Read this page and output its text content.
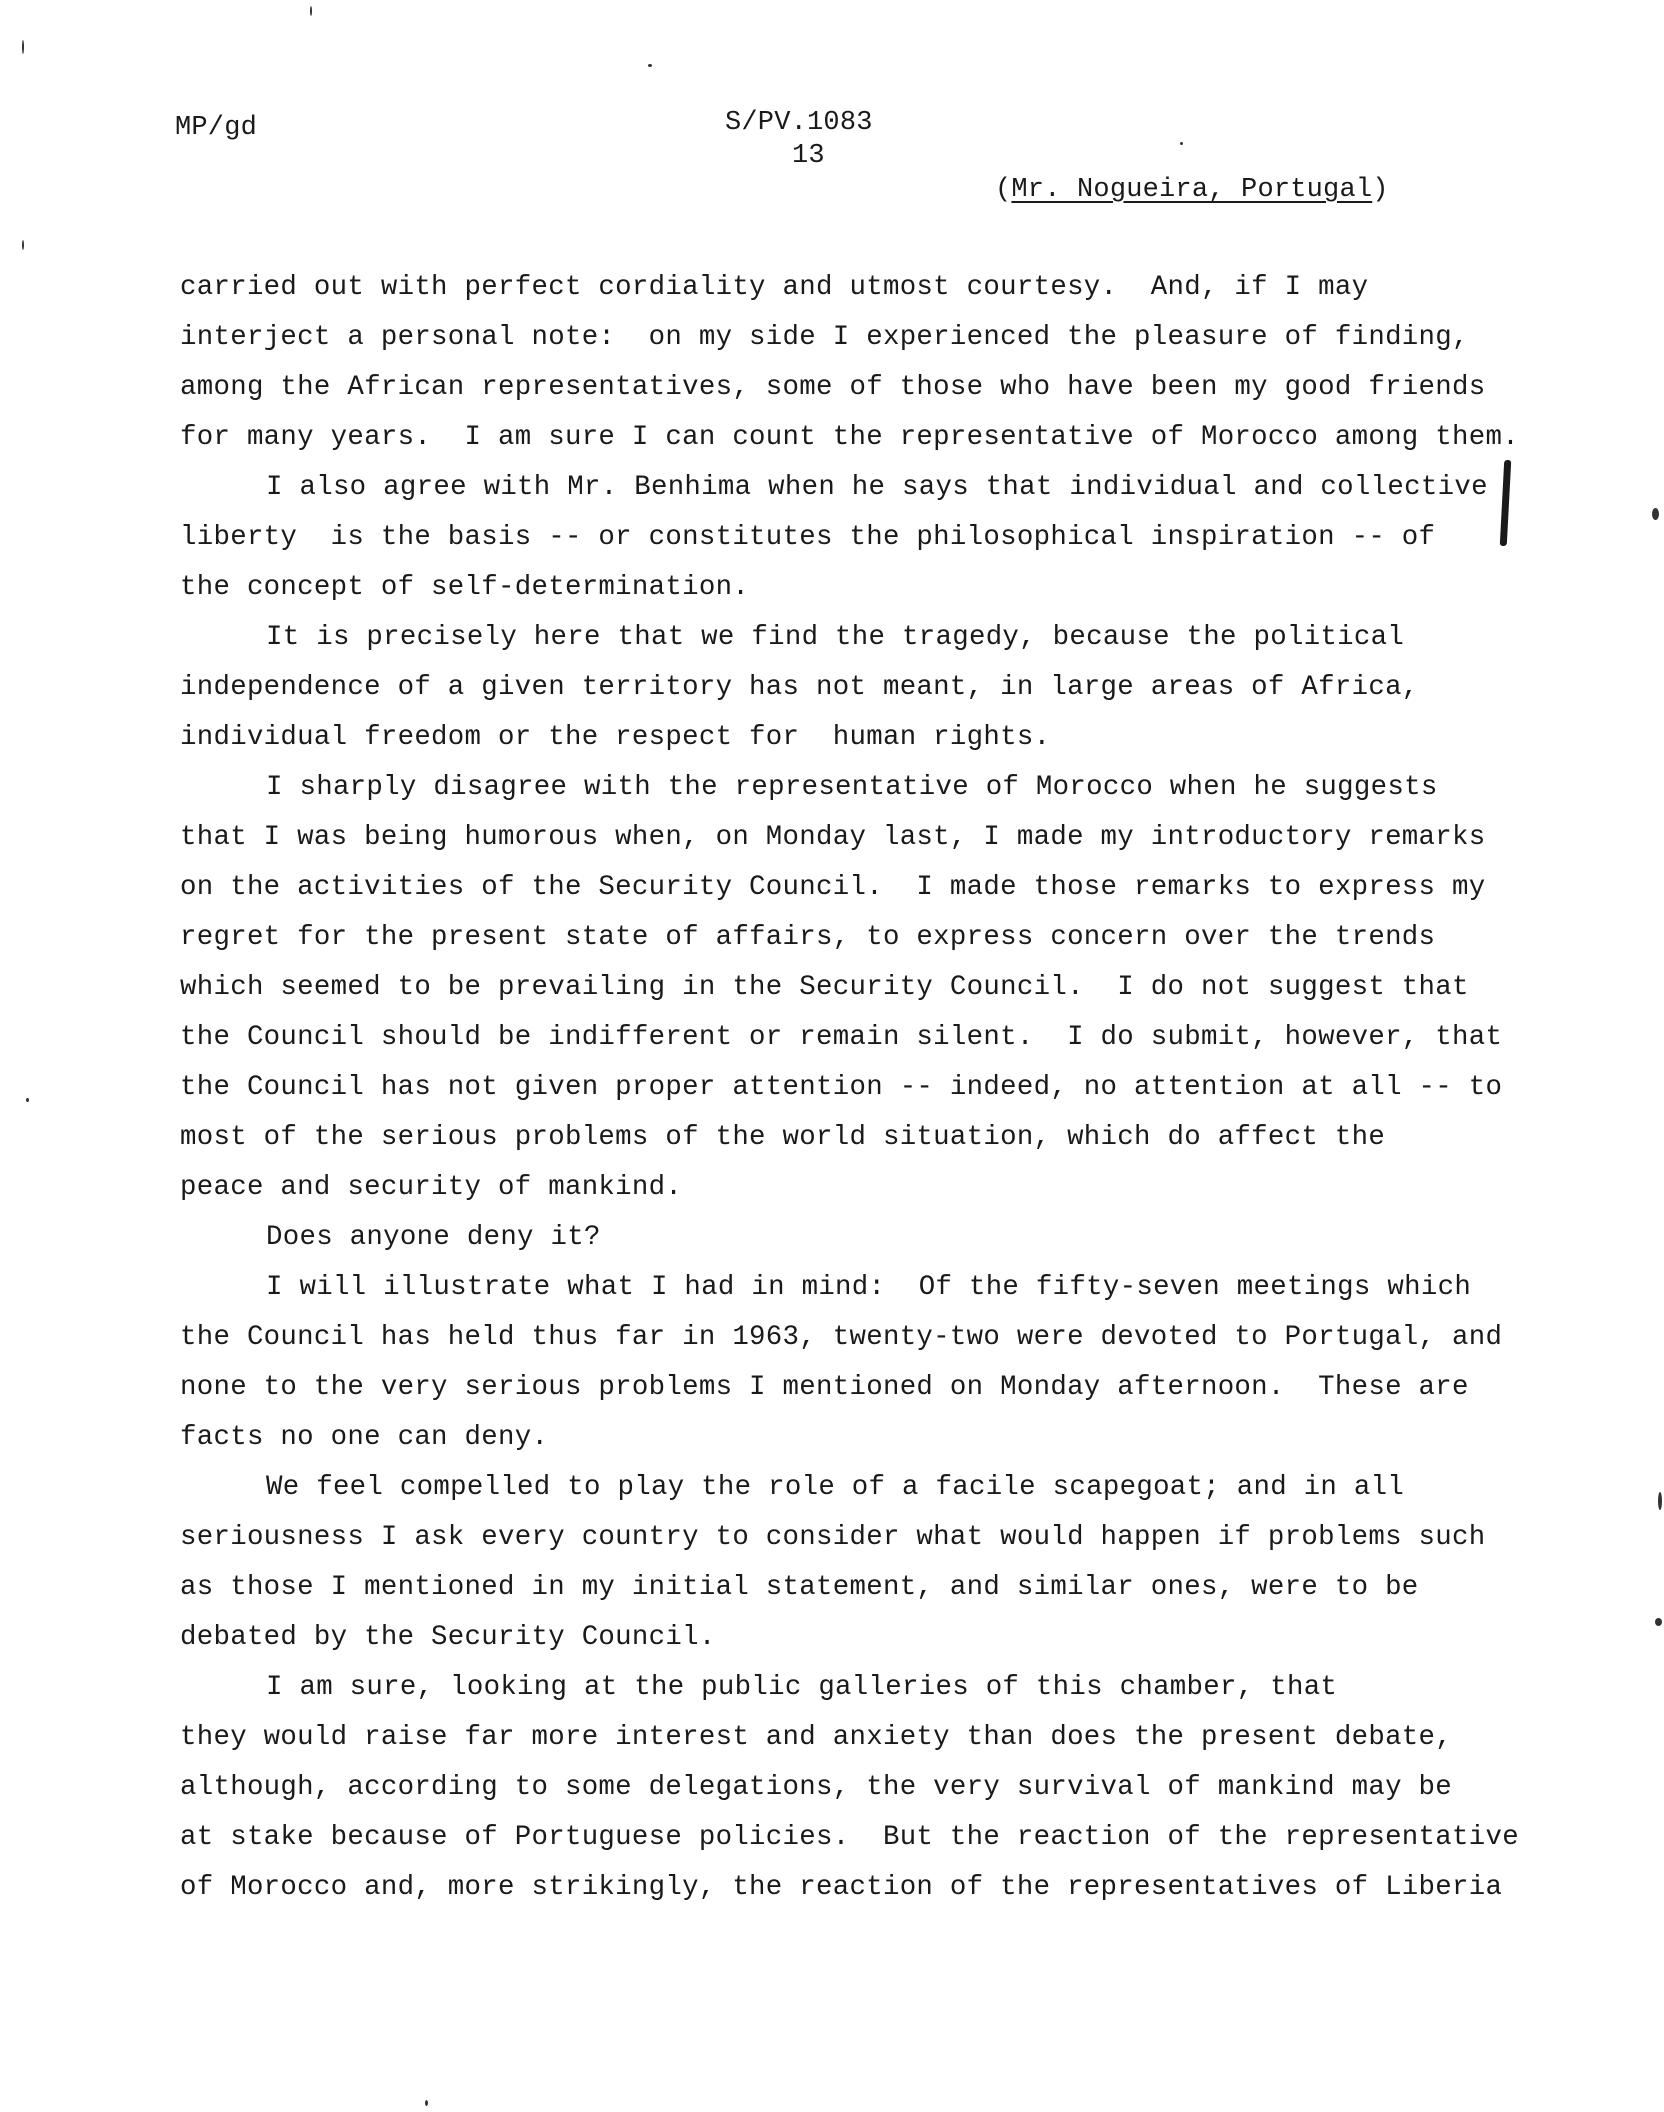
MP/gd	S/PV.1083
13
(Mr. Nogueira, Portugal)
carried out with perfect cordiality and utmost courtesy.  And, if I may
interject a personal note:  on my side I experienced the pleasure of finding,
among the African representatives, some of those who have been my good friends
for many years.  I am sure I can count the representative of Morocco among them.
I also agree with Mr. Benhima when he says that individual and collective
liberty  is the basis -- or constitutes the philosophical inspiration -- of
the concept of self-determination.
It is precisely here that we find the tragedy, because the political
independence of a given territory has not meant, in large areas of Africa,
individual freedom or the respect for  human rights.
I sharply disagree with the representative of Morocco when he suggests
that I was being humorous when, on Monday last, I made my introductory remarks
on the activities of the Security Council.  I made those remarks to express my
regret for the present state of affairs, to express concern over the trends
which seemed to be prevailing in the Security Council.  I do not suggest that
the Council should be indifferent or remain silent.  I do submit, however, that
the Council has not given proper attention -- indeed, no attention at all -- to
most of the serious problems of the world situation, which do affect the
peace and security of mankind.
Does anyone deny it?
I will illustrate what I had in mind:  Of the fifty-seven meetings which
the Council has held thus far in 1963, twenty-two were devoted to Portugal, and
none to the very serious problems I mentioned on Monday afternoon.  These are
facts no one can deny.
We feel compelled to play the role of a facile scapegoat; and in all
seriousness I ask every country to consider what would happen if problems such
as those I mentioned in my initial statement, and similar ones, were to be
debated by the Security Council.
I am sure, looking at the public galleries of this chamber, that
they would raise far more interest and anxiety than does the present debate,
although, according to some delegations, the very survival of mankind may be
at stake because of Portuguese policies.  But the reaction of the representative
of Morocco and, more strikingly, the reaction of the representatives of Liberia
